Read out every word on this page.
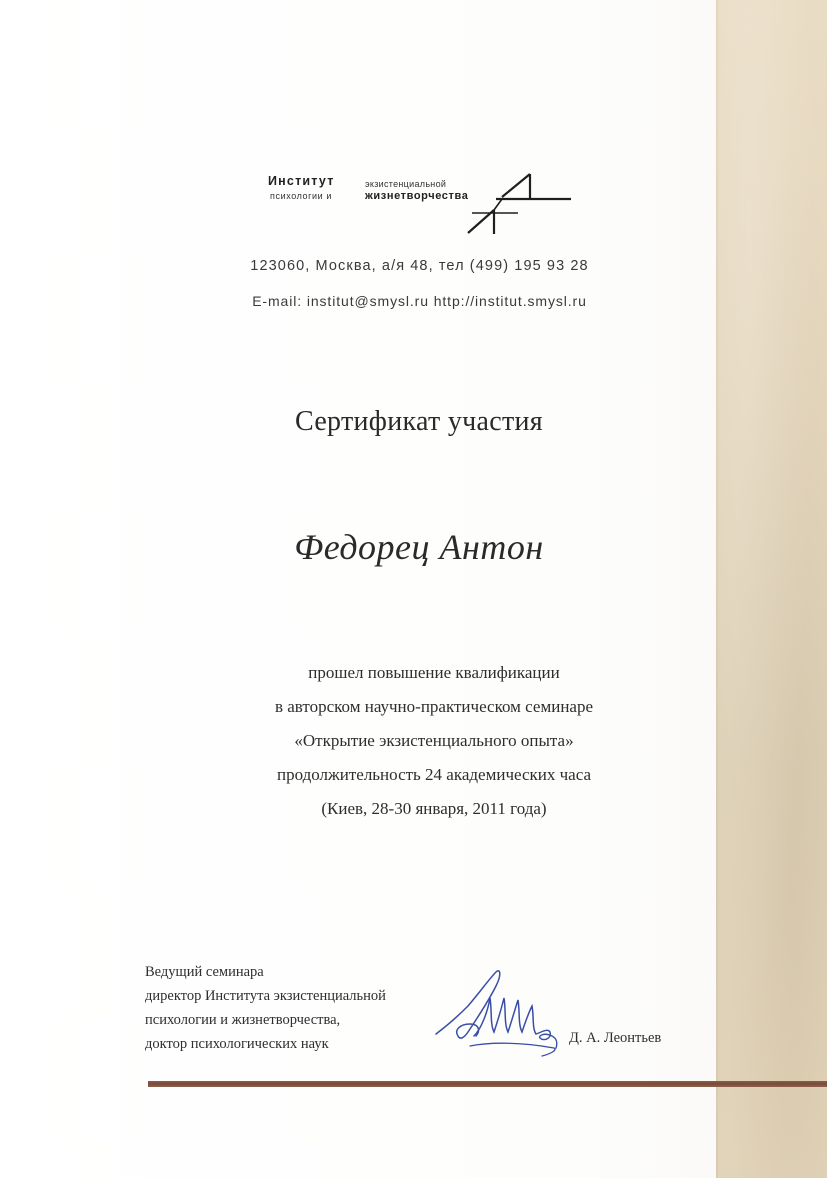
Институт
психологии и
экзистенциальной
жизнетворчества
123060, Москва, а/я 48, тел (499) 195 93 28
E-mail: institut@smysl.ru http://institut.smysl.ru
Сертификат участия
Федорец Антон
прошел повышение квалификации
в авторском научно-практическом семинаре
«Открытие экзистенциального опыта»
продолжительность 24 академических часа
(Киев, 28-30 января, 2011 года)
Ведущий семинара
директор Института экзистенциальной
психологии и жизнетворчества,
доктор психологических наук	Д. А. Леонтьев
